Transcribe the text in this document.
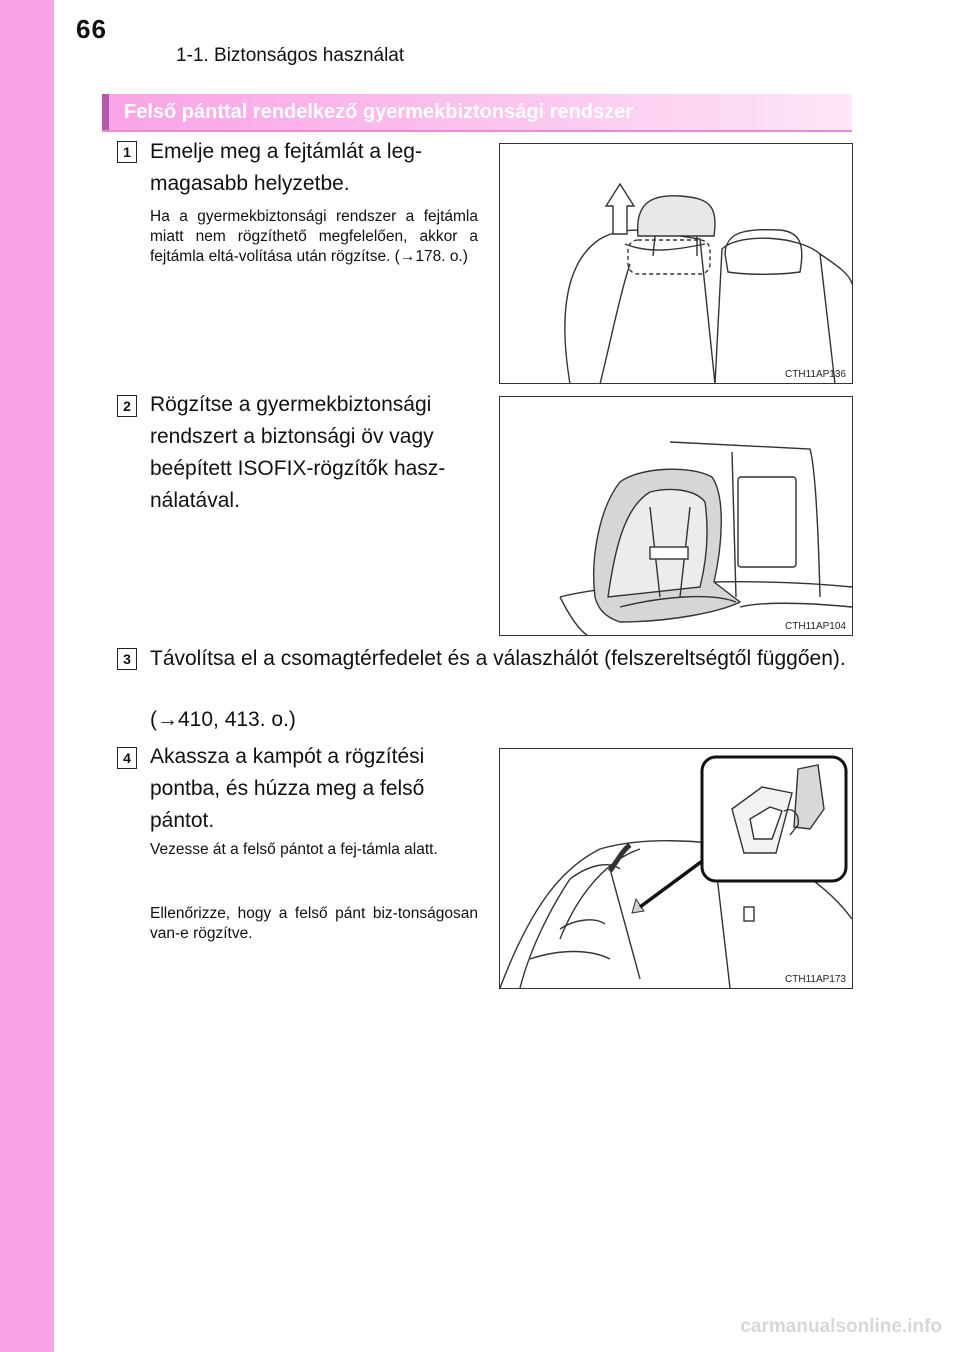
66
1-1. Biztonságos használat
Felső pánttal rendelkező gyermekbiztonsági rendszer
1 Emelje meg a fejtámlát a leg-
magasabb helyzetbe.
Ha a gyermekbiztonsági rendszer a fejtámla miatt nem rögzíthető megfelelően, akkor a fejtámla eltá-volítása után rögzítse. (→178. o.)
CTH11AP136
2 Rögzítse a gyermekbiztonsági
rendszert a biztonsági öv vagy
beépített ISOFIX-rögzítők hasz-
nálatával.
CTH11AP104
3 Távolítsa el a csomagtérfedelet és a válaszhálót (felszereltségtől függően).
(→410, 413. o.)
4 Akassza a kampót a rögzítési
pontba, és húzza meg a felső
pántot.
Vezesse át a felső pántot a fej-támla alatt.
Ellenőrizze, hogy a felső pánt biz-tonságosan van-e rögzítve.
CTH11AP173
carmanualsonline.info
